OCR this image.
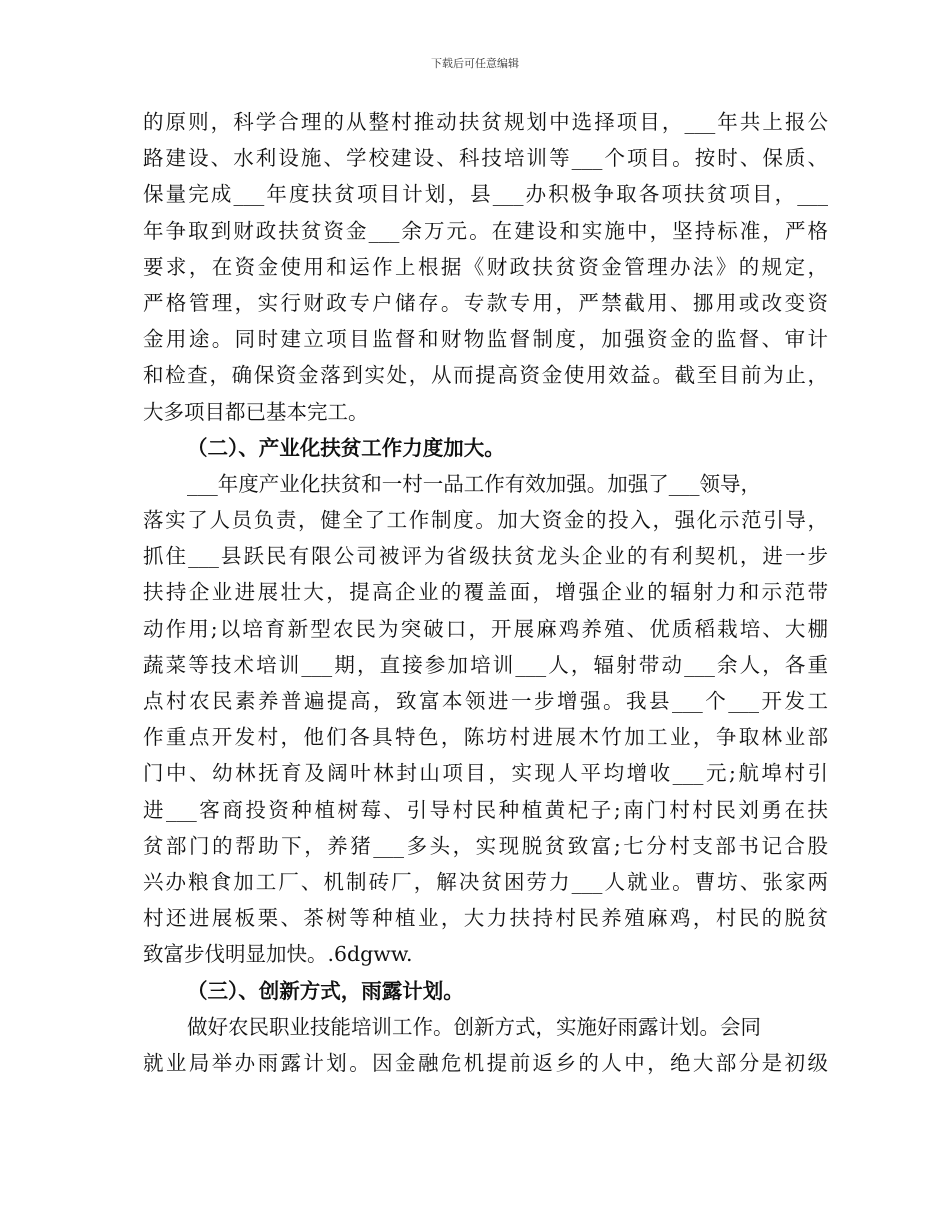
下载后可任意编辑
的原则，科学合理的从整村推动扶贫规划中选择项目，___年共上报公
路建设、水利设施、学校建设、科技培训等___个项目。按时、保质、
保量完成___年度扶贫项目计划，县___办积极争取各项扶贫项目，___
年争取到财政扶贫资金___余万元。在建设和实施中，坚持标准，严格
要求，在资金使用和运作上根据《财政扶贫资金管理办法》的规定，
严格管理，实行财政专户储存。专款专用，严禁截用、挪用或改变资
金用途。同时建立项目监督和财物监督制度，加强资金的监督、审计
和检查，确保资金落到实处，从而提高资金使用效益。截至目前为止，
大多项目都已基本完工。
（二）、产业化扶贫工作力度加大。
___年度产业化扶贫和一村一品工作有效加强。加强了___领导，
落实了人员负责，健全了工作制度。加大资金的投入，强化示范引导，
抓住___县跃民有限公司被评为省级扶贫龙头企业的有利契机，进一步
扶持企业进展壮大，提高企业的覆盖面，增强企业的辐射力和示范带
动作用;以培育新型农民为突破口，开展麻鸡养殖、优质稻栽培、大棚
蔬菜等技术培训___期，直接参加培训___人，辐射带动___余人，各重
点村农民素养普遍提高，致富本领进一步增强。我县___个___开发工
作重点开发村，他们各具特色，陈坊村进展木竹加工业，争取林业部
门中、幼林抚育及阔叶林封山项目，实现人平均增收___元;航埠村引
进___客商投资种植树莓、引导村民种植黄杞子;南门村村民刘勇在扶
贫部门的帮助下，养猪___多头，实现脱贫致富;七分村支部书记合股
兴办粮食加工厂、机制砖厂，解决贫困劳力___人就业。曹坊、张家两
村还进展板栗、茶树等种植业，大力扶持村民养殖麻鸡，村民的脱贫
致富步伐明显加快。.6dgww.
（三）、创新方式，雨露计划。
做好农民职业技能培训工作。创新方式，实施好雨露计划。会同
就业局举办雨露计划。因金融危机提前返乡的人中，绝大部分是初级
